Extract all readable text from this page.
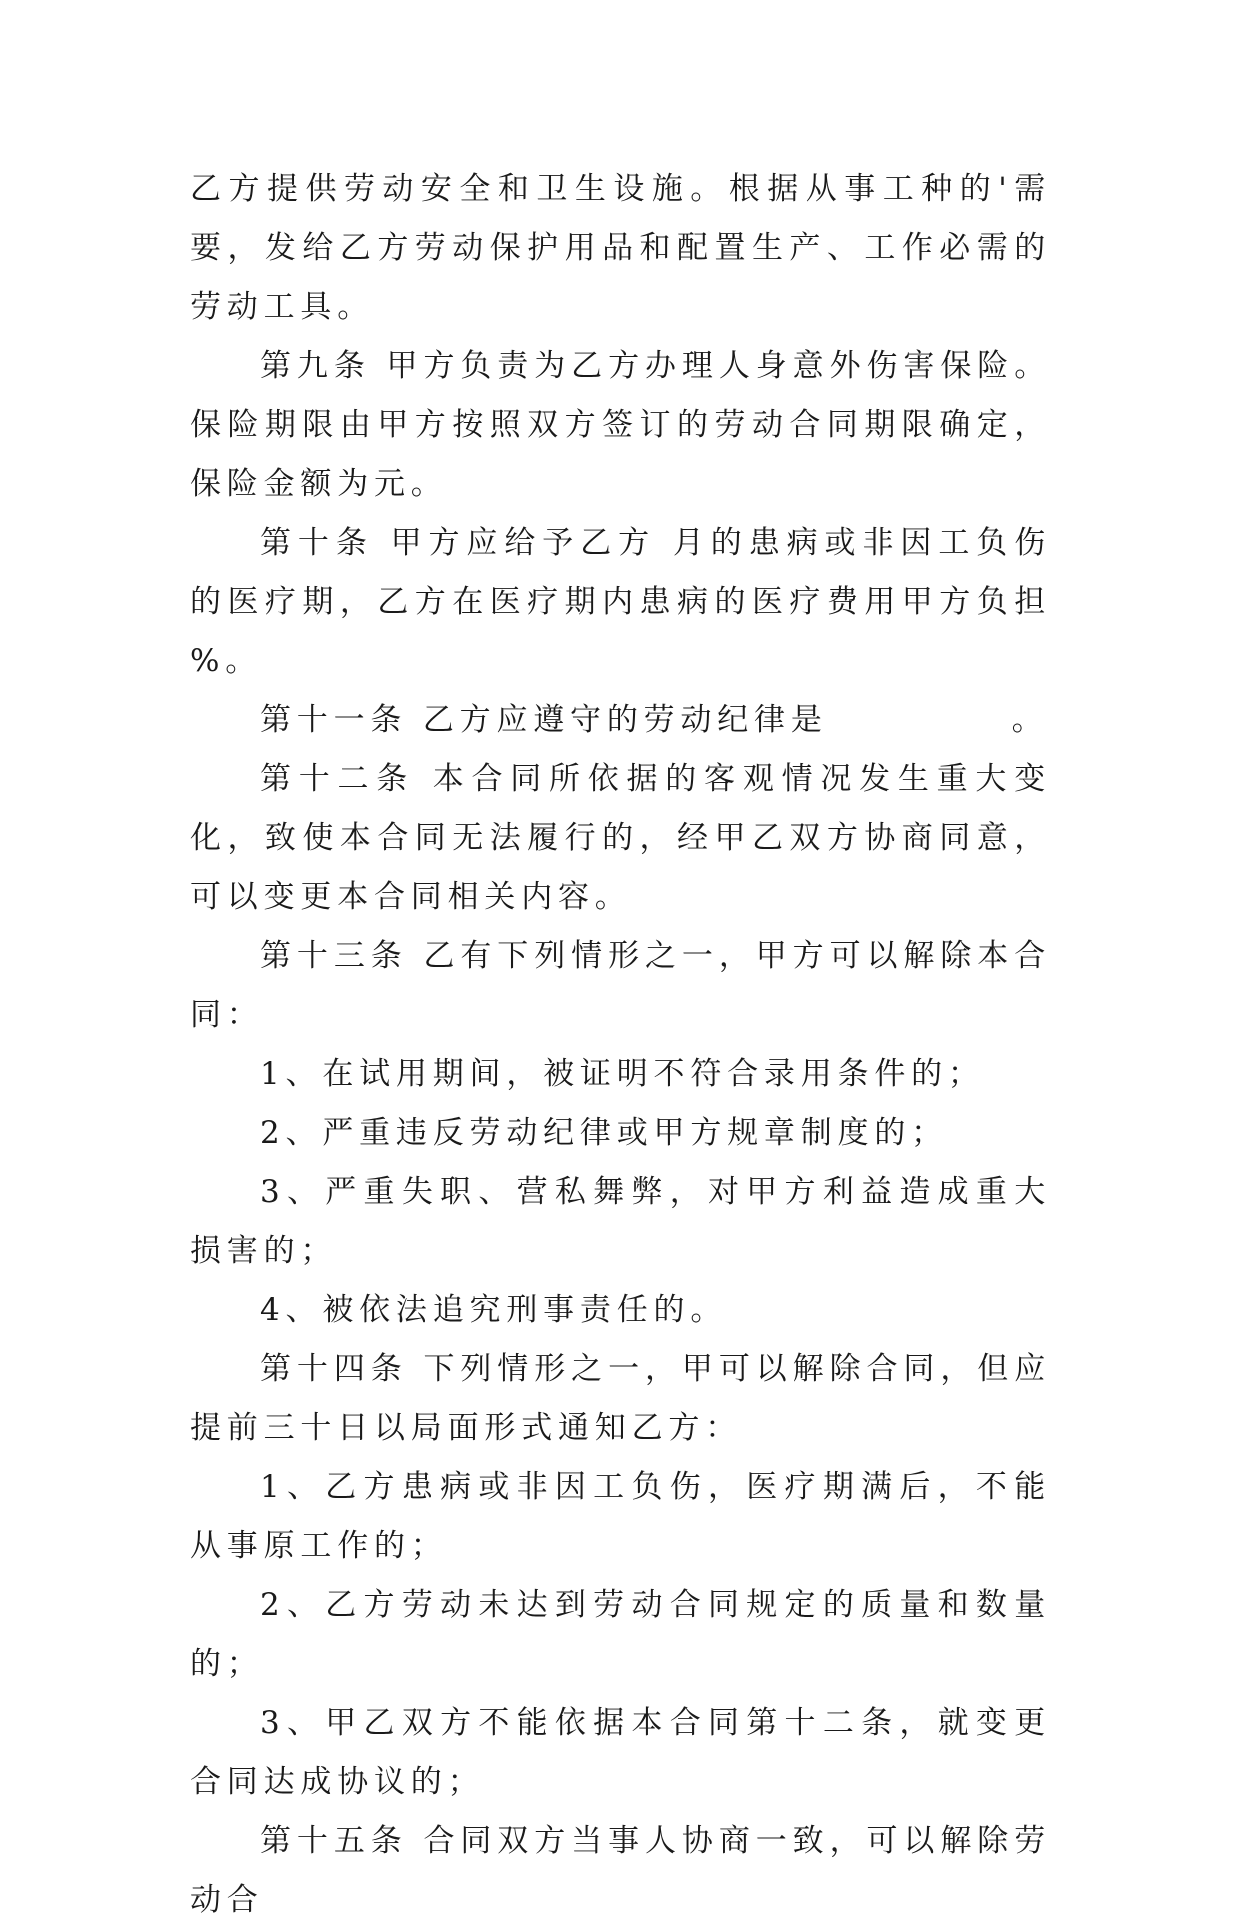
乙方提供劳动安全和卫生设施。根据从事工种的'需要，发给乙方劳动保护用品和配置生产、工作必需的劳动工具。

第九条 甲方负责为乙方办理人身意外伤害保险。保险期限由甲方按照双方签订的劳动合同期限确定，保险金额为元。

第十条 甲方应给予乙方 月的患病或非因工负伤的医疗期，乙方在医疗期内患病的医疗费用甲方负担 %。

第十一条 乙方应遵守的劳动纪律是　　　　　。

第十二条 本合同所依据的客观情况发生重大变化，致使本合同无法履行的，经甲乙双方协商同意，可以变更本合同相关内容。

第十三条 乙有下列情形之一，甲方可以解除本合同：

1、在试用期间，被证明不符合录用条件的；

2、严重违反劳动纪律或甲方规章制度的；

3、严重失职、营私舞弊，对甲方利益造成重大损害的；

4、被依法追究刑事责任的。

第十四条 下列情形之一，甲可以解除合同，但应提前三十日以局面形式通知乙方：

1、乙方患病或非因工负伤，医疗期满后，不能从事原工作的；

2、乙方劳动未达到劳动合同规定的质量和数量的；

3、甲乙双方不能依据本合同第十二条，就变更合同达成协议的；

第十五条 合同双方当事人协商一致，可以解除劳动合
